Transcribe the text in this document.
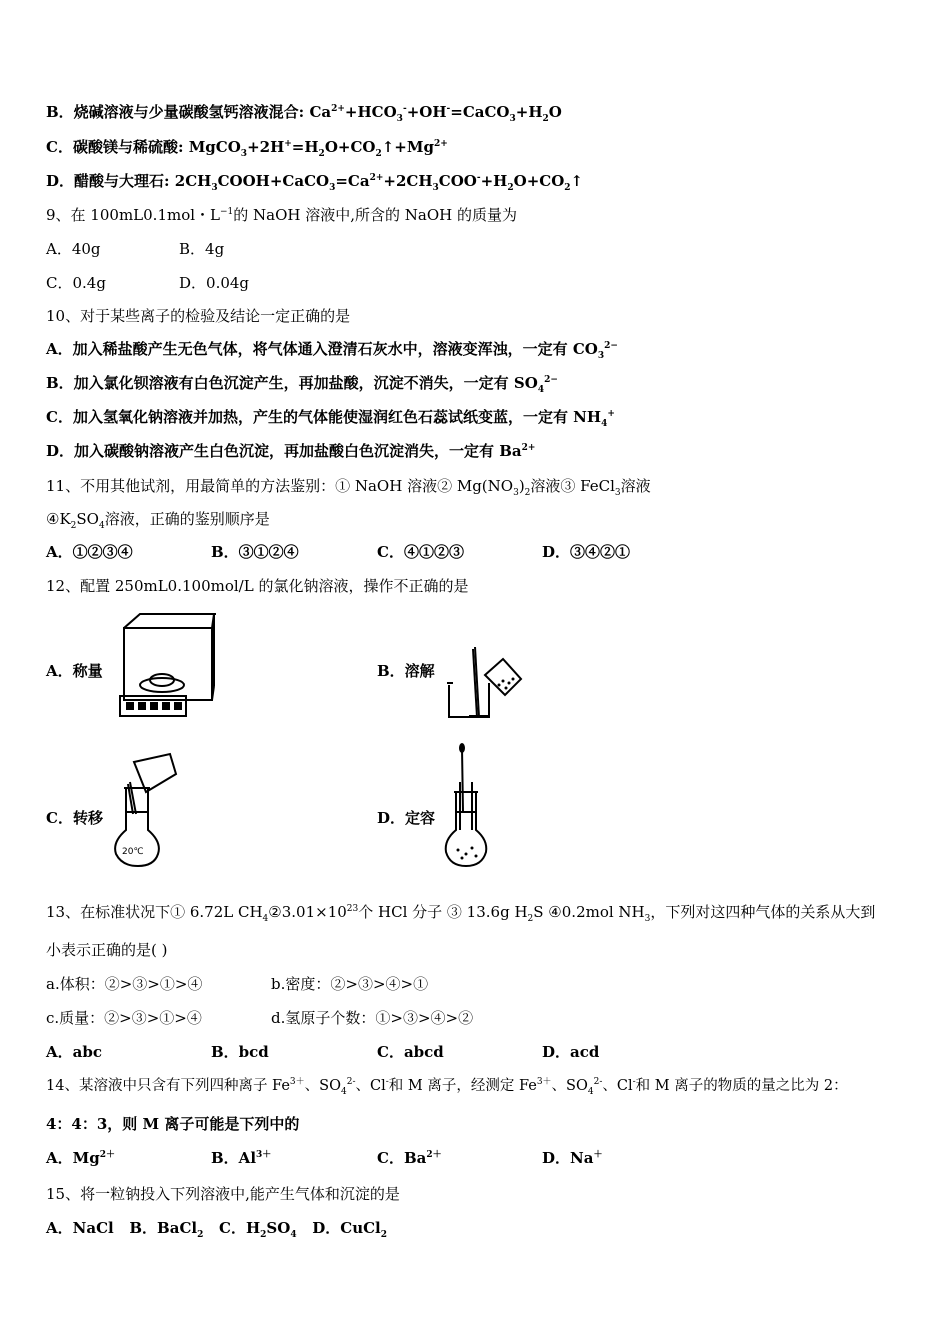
B．烧碱溶液与少量碳酸氢钙溶液混合: $Ca^{2+}+HCO_3^-+OH^-=CaCO_3+H_2O$
C．碳酸镁与稀硫酸: $MgCO_3+2H^+=H_2O+CO_2↑+Mg^{2+}$
D．醋酸与大理石: $2CH_3COOH+CaCO_3=Ca^{2+}+2CH_3COO^-+H_2O+CO_2↑$
9、在 100mL0.1mol・$L^{-1}$的 NaOH 溶液中,所含的 NaOH 的质量为
A．40g	B．4g
C．0.4g	D．0.04g
10、对于某些离子的检验及结论一定正确的是
A．加入稀盐酸产生无色气体，将气体通入澄清石灰水中，溶液变浑浊，一定有 $CO_3^{2-}$
B．加入氯化钡溶液有白色沉淀产生，再加盐酸，沉淀不消失，一定有 $SO_4^{2-}$
C．加入氢氧化钠溶液并加热，产生的气体能使湿润红色石蕊试纸变蓝，一定有 $NH_4^+$
D．加入碳酸钠溶液产生白色沉淀，再加盐酸白色沉淀消失，一定有 $Ba^{2+}$
11、不用其他试剂，用最简单的方法鉴别：① NaOH 溶液② $Mg(NO_3)_2$溶液③ FeCl$_3$溶液
$④K_2SO_4$溶液，正确的鉴别顺序是
A．①②③④	B．③①②④	C．④①②③	D．③④②①
12、配置 250mL0.100mol/L 的氯化钠溶液，操作不正确的是
A．称量	B．溶解
C．转移
20℃
D．定容
13、在标准状况下① 6.72L $CH_4②3.01\times 10^{23}$个 HCl 分子 ③ 13.6g $H_2S$ ④0.2mol $NH_3$，下列对这四种气体的关系从大到
小表示正确的是( )
a.体积：②>③>①>④	b.密度：②>③>④>①
c.质量：②>③>①>④	d.氢原子个数：①>③>④>②
A．abc	B．bcd	C．abcd	D．acd
14、某溶液中只含有下列四种离子 $Fe^{3+}$、$SO_4^{2-}$、Cl-和 M 离子，经测定 $Fe^{3+}$、$SO_4^{2-}$、Cl-和 M 离子的物质的量之比为 2：
4：4：3，则 M 离子可能是下列中的
A．$Mg^{2+}$	B．$Al^{3+}$	C．$Ba^{2+}$	D．Na＋
15、将一粒钠投入下列溶液中,能产生气体和沉淀的是
A．NaCl   B．BaCl$_2$   C．$H_2SO_4$   D．CuCl$_2$
